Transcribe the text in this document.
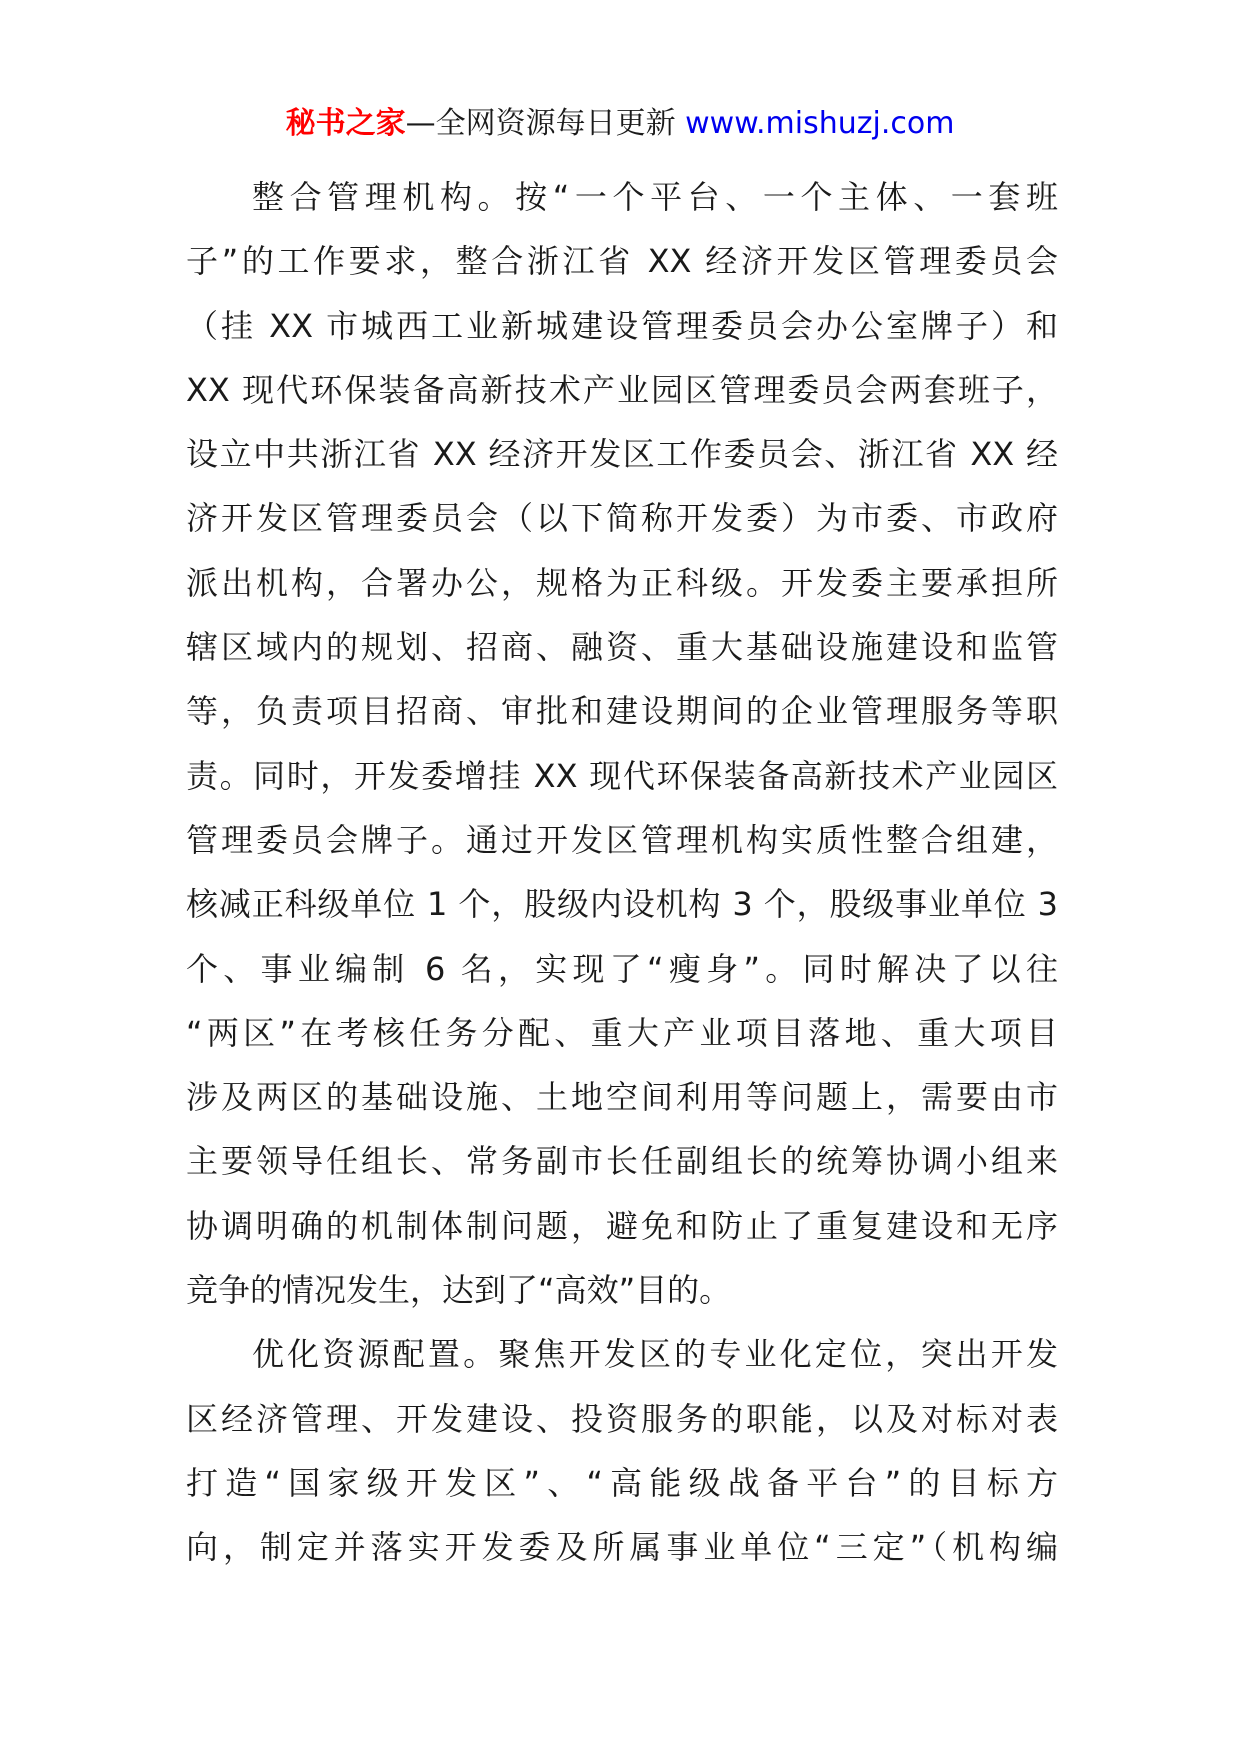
秘书之家—全网资源每日更新 www.mishuzj.com
整合管理机构。按“一个平台、一个主体、一套班
子”的工作要求，整合浙江省 XX 经济开发区管理委员会
（挂 XX 市城西工业新城建设管理委员会办公室牌子）和
XX 现代环保装备高新技术产业园区管理委员会两套班子，
设立中共浙江省 XX 经济开发区工作委员会、浙江省 XX 经
济开发区管理委员会（以下简称开发委）为市委、市政府
派出机构，合署办公，规格为正科级。开发委主要承担所
辖区域内的规划、招商、融资、重大基础设施建设和监管
等，负责项目招商、审批和建设期间的企业管理服务等职
责。同时，开发委增挂 XX 现代环保装备高新技术产业园区
管理委员会牌子。通过开发区管理机构实质性整合组建，
核减正科级单位 1 个，股级内设机构 3 个，股级事业单位 3
个、事业编制 6 名，实现了“瘦身”。同时解决了以往
“两区”在考核任务分配、重大产业项目落地、重大项目
涉及两区的基础设施、土地空间利用等问题上，需要由市
主要领导任组长、常务副市长任副组长的统筹协调小组来
协调明确的机制体制问题，避免和防止了重复建设和无序
竞争的情况发生，达到了“高效”目的。
优化资源配置。聚焦开发区的专业化定位，突出开发
区经济管理、开发建设、投资服务的职能，以及对标对表
打造“国家级开发区”、“高能级战备平台”的目标方
向，制定并落实开发委及所属事业单位“三定”（机构编
